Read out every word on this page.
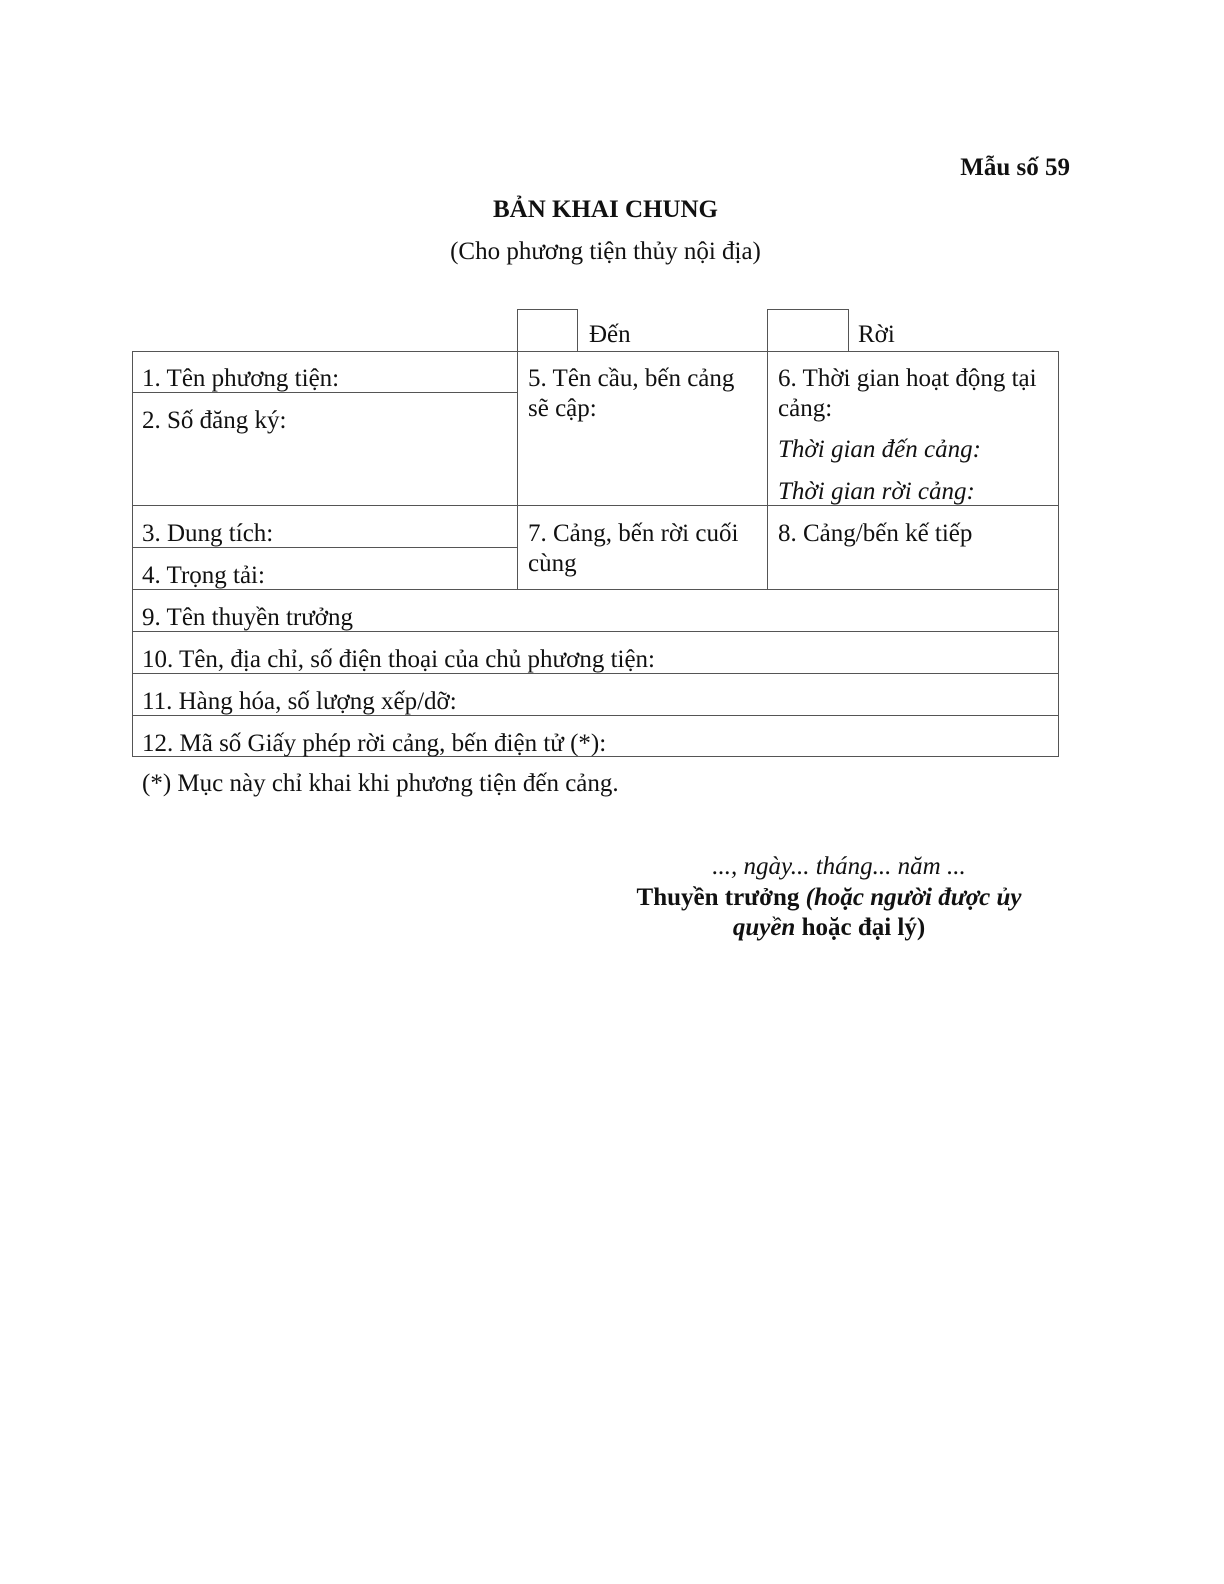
Mẫu số 59
BẢN KHAI CHUNG
(Cho phương tiện thủy nội địa)
Đến	Rời
1. Tên phương tiện:
2. Số đăng ký:
3. Dung tích:
4. Trọng tải:
5. Tên cầu, bến cảng sẽ cập:
7. Cảng, bến rời cuối cùng
6. Thời gian hoạt động tại cảng:
Thời gian đến cảng:
Thời gian rời cảng:
8. Cảng/bến kế tiếp
9. Tên thuyền trưởng
10. Tên, địa chỉ, số điện thoại của chủ phương tiện:
11. Hàng hóa, số lượng xếp/dỡ:
12. Mã số Giấy phép rời cảng, bến điện tử (*):
(*) Mục này chỉ khai khi phương tiện đến cảng.
..., ngày... tháng... năm ...
Thuyền trưởng (hoặc người được ủy quyền hoặc đại lý)
